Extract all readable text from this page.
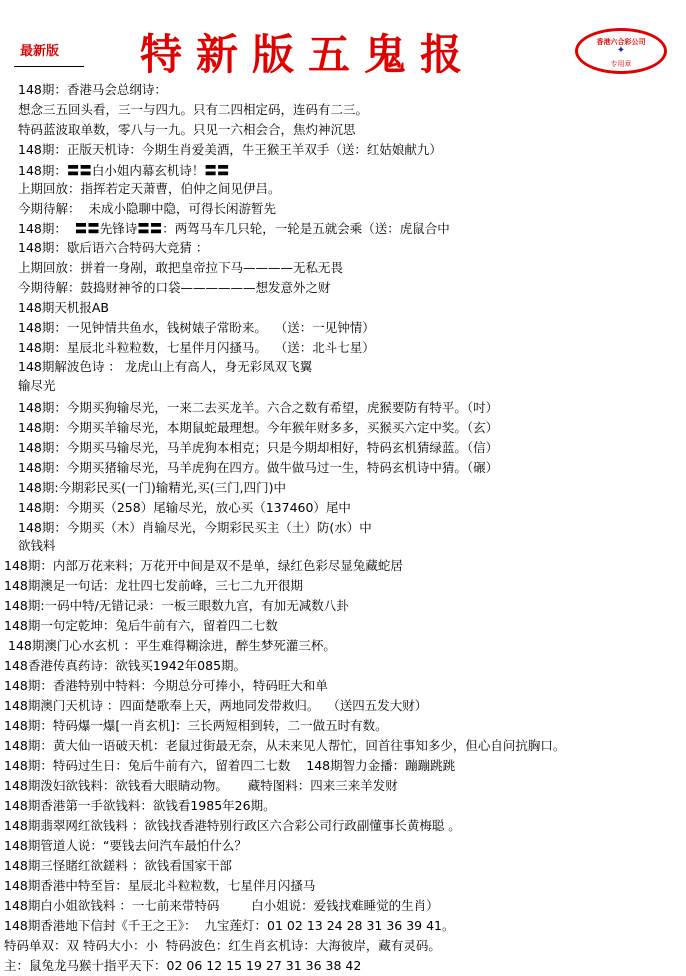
最新版 特新版五鬼报	香港六合彩公司
✦
专用章
148期：香港马会总纲诗：
想念三五回头看，三一与四九。只有二四相定码，连码有二三。
特码蓝波取单数，零八与一九。只见一六相会合，焦灼神沉思
148期：正版天机诗：今期生肖爱美酒，牛王猴王羊双手（送：红姑娘献九）
148期：〓〓白小姐内幕玄机诗！〓〓
上期回放：指挥若定天萧曹，伯仲之间见伊吕。
今期待解：  未成小隐聊中隐，可得长闲游暂先
148期：  〓〓先锋诗〓〓：两驾马车几只轮，一轮是五就会乘（送：虎鼠合中
148期：歇后语六合特码大竞猜 ：
上期回放：拼着一身剐，敢把皇帝拉下马————无私无畏
今期待解：鼓捣财神爷的口袋——————想发意外之财
148期天机报AB
148期：一见钟情共鱼水，钱树婊子常盼来。  （送：一见钟情）
148期：星辰北斗粒粒数，七星伴月闪搔马。  （送：北斗七星）
148期解波色诗 ： 龙虎山上有高人，身无彩凤双飞翼
输尽光
148期：今期买狗输尽光，一来二去买龙羊。六合之数有希望，虎猴要防有特平。（吋）
148期：今期买羊输尽光，本期鼠蛇最理想。今年猴年财多多，买猴买六定中奖。（玄）
148期：今期买马输尽光，马羊虎狗本相克；只是今期却相好，特码玄机猜绿蓝。（信）
148期：今期买猪输尽光，马羊虎狗在四方。做牛做马过一生，特码玄机诗中猜。（碾）
148期:今期彩民买(一门)输精光,买(三门,四门)中
148期：今期买（258）尾输尽光，放心买（137460）尾中
148期：今期买（木）肖输尽光，今期彩民买主（土）防(水）中
欲钱料
148期：内部万花来料；万花开中间是双不是单，绿红色彩尽显兔藏蛇居
148期澳足一句话：龙壮四七发前峰，三七二九开很期
148期:一码中特/无错记录：一板三眼数九宫，有加无减数八卦
148期一句定乾坤：兔后牛前有六，留着四二七数
148期澳门心水玄机 ：平生难得糊涂进，醉生梦死灌三杯。
148香港传真药诗：欲钱买1942年085期。
148期：香港特别中特料：今期总分可捧小，特码旺大和单
148期澳门天机诗 ：四面楚歌奉上天，两地同发带救归。  （送四五发大财）
148期：特码爆一爆[一肖玄机]：三长两短相到转，二一做五时有数。
148期：黄大仙一语破天机：老鼠过街最无奈，从未来见人帮忙，回首往事知多少，但心自问抗胸口。
148期：特码过生日：兔后牛前有六，留着四二七数    148期智力金播：蹦蹦跳跳
148期泼妇欲钱料：欲钱看大眼睛动物。     藏特图料：四来三来羊发财
148期香港第一手欲钱料：欲钱看1985年26期。
148期翡翠网红欲钱料 ：欲钱找香港特别行政区六合彩公司行政副懂事长黄梅聪 。
148期管道人说：“要钱去问汽车最怕什么？
148期三怪賭红欲鎈料 ：欲钱看国家干部
148期香港中特至旨：星辰北斗粒粒数，七星伴月闪搔马
148期白小姐欲钱料 ：一七前来带特码        白小姐说：爱钱找难睡觉的生肖）
148期香港地下信封《千王之王》：  九宝莲灯：01 02 13 24 28 31 36 39 41。
特码单双：双 特码大小：小  特码波色：红生肖玄机诗：大海彼岸，藏有灵码。
主：鼠兔龙马猴十指平天下：02 06 12 15 19 27 31 36 38 42
